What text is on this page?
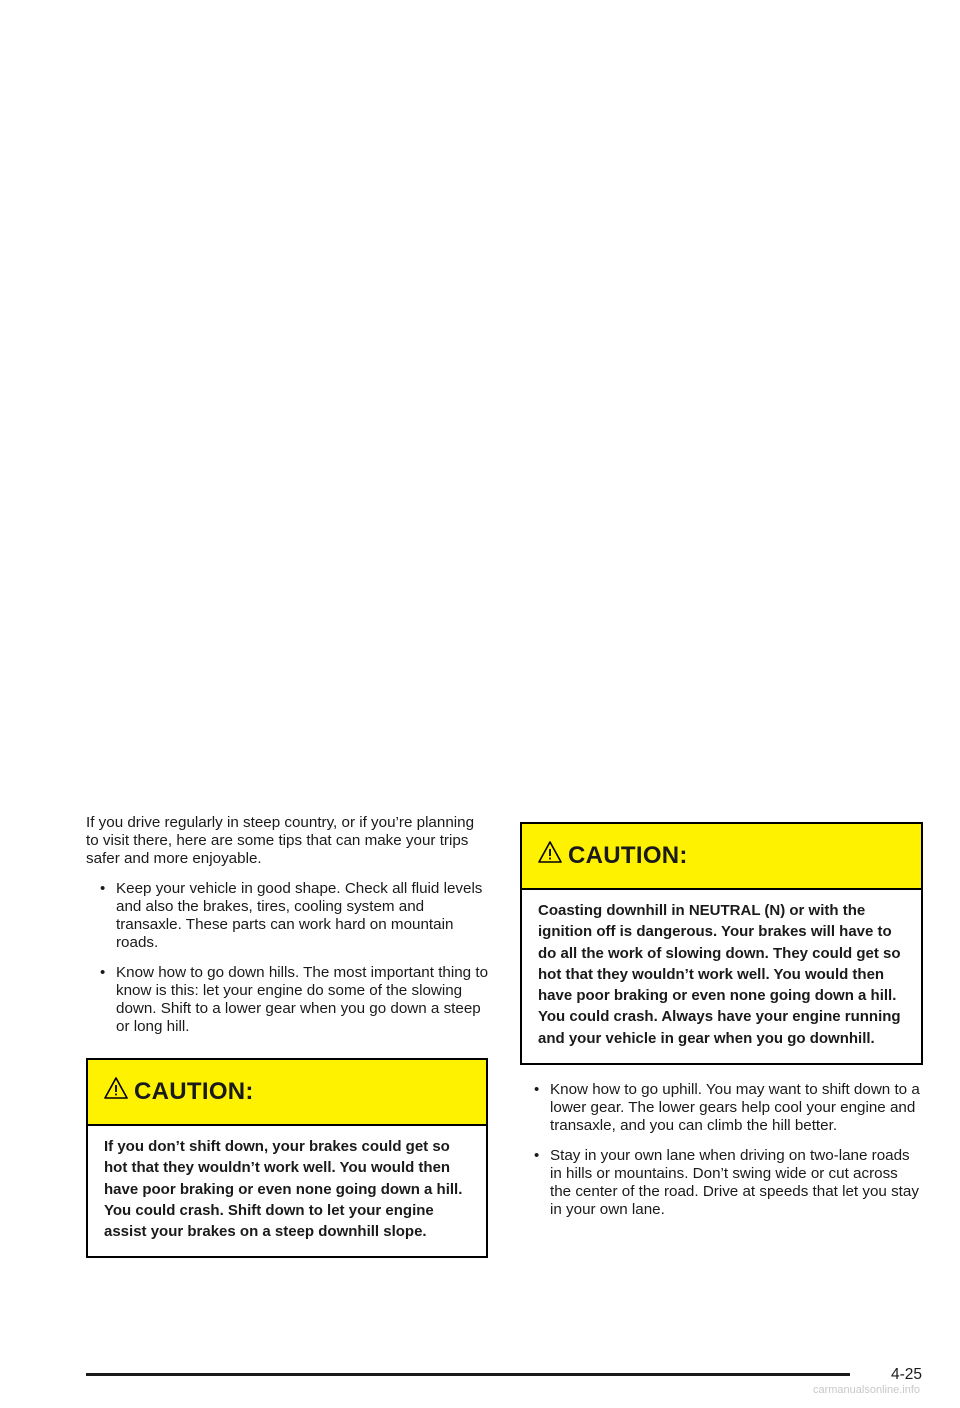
If you drive regularly in steep country, or if you’re planning to visit there, here are some tips that can make your trips safer and more enjoyable.

• Keep your vehicle in good shape. Check all fluid levels and also the brakes, tires, cooling system and transaxle. These parts can work hard on mountain roads.
• Know how to go down hills. The most important thing to know is this: let your engine do some of the slowing down. Shift to a lower gear when you go down a steep or long hill.
CAUTION:
If you don’t shift down, your brakes could get so hot that they wouldn’t work well. You would then have poor braking or even none going down a hill. You could crash. Shift down to let your engine assist your brakes on a steep downhill slope.
CAUTION:
Coasting downhill in NEUTRAL (N) or with the ignition off is dangerous. Your brakes will have to do all the work of slowing down. They could get so hot that they wouldn’t work well. You would then have poor braking or even none going down a hill. You could crash. Always have your engine running and your vehicle in gear when you go downhill.
• Know how to go uphill. You may want to shift down to a lower gear. The lower gears help cool your engine and transaxle, and you can climb the hill better.
• Stay in your own lane when driving on two-lane roads in hills or mountains. Don’t swing wide or cut across the center of the road. Drive at speeds that let you stay in your own lane.
4-25
carmanualsonline.info
